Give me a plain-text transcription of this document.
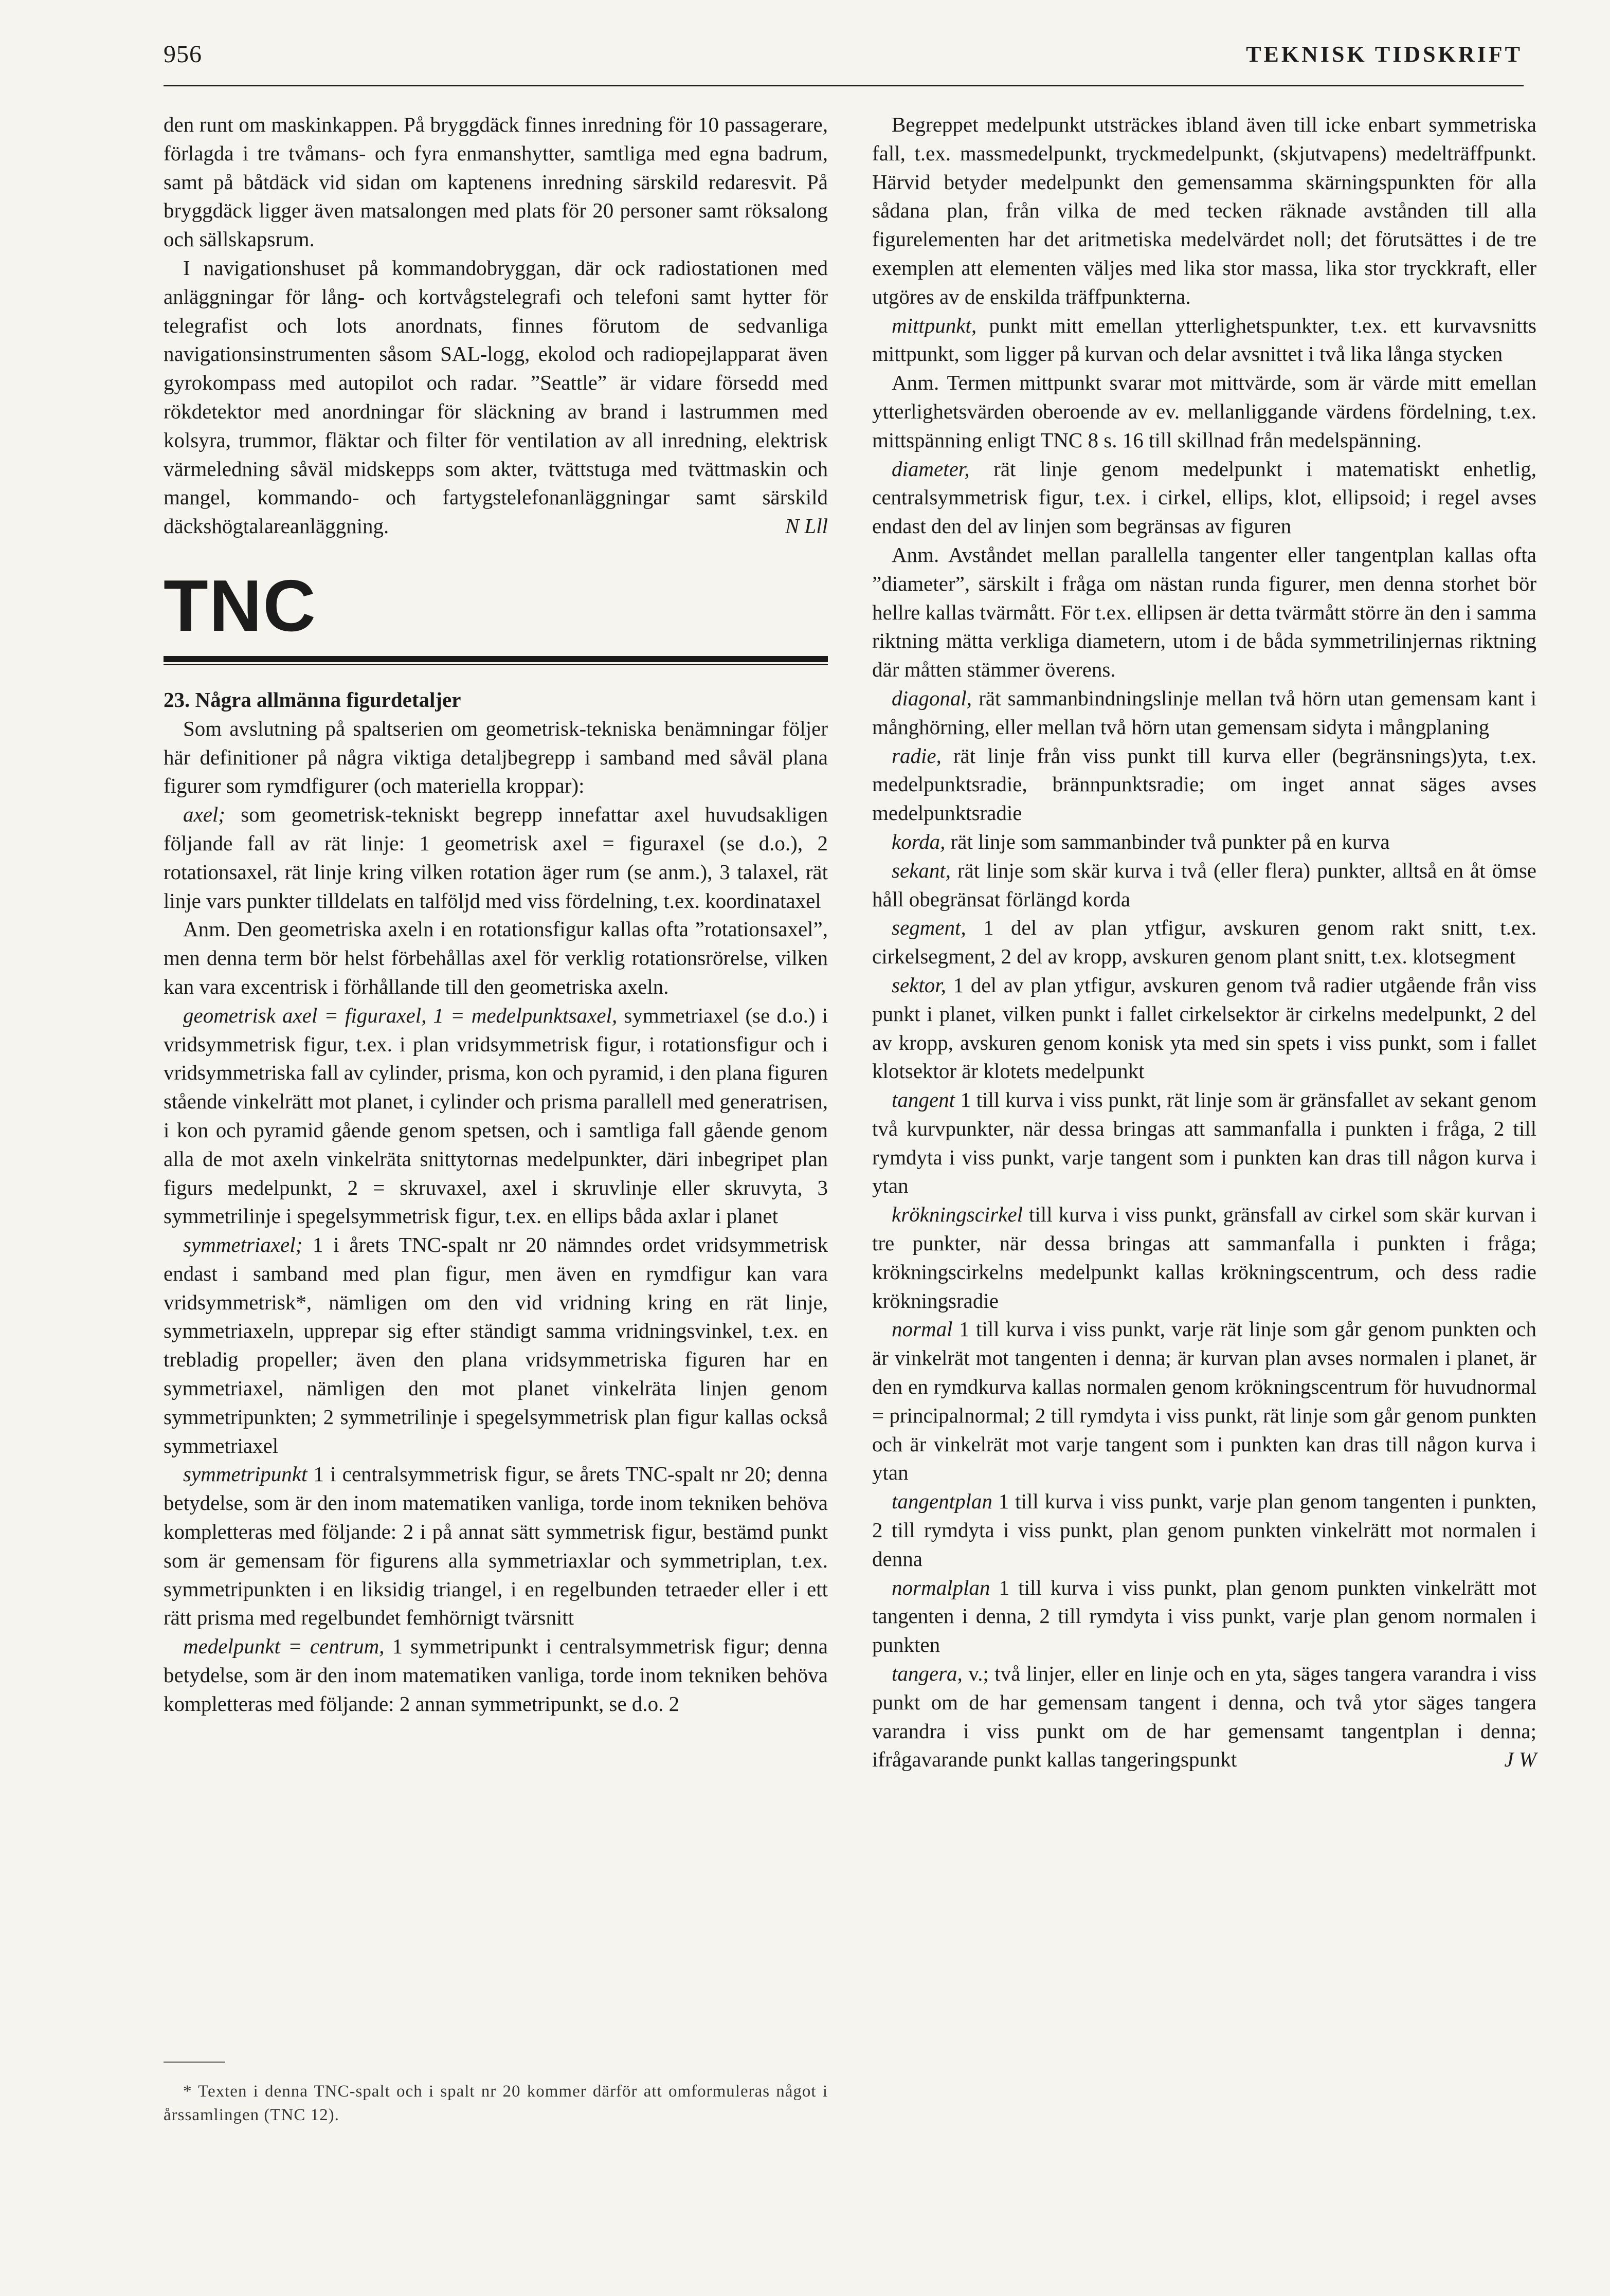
956	TEKNISK TIDSKRIFT

den runt om maskinkappen. På bryggdäck finnes inredning för 10 passagerare, förlagda i tre tvåmans- och fyra enmanshytter, samtliga med egna badrum, samt på båtdäck vid sidan om kaptenens inredning särskild redaresvit. På bryggdäck ligger även matsalongen med plats för 20 personer samt röksalong och sällskapsrum.

I navigationshuset på kommandobryggan, där ock radiostationen med anläggningar för lång- och kortvågstelegrafi och telefoni samt hytter för telegrafist och lots anordnats, finnes förutom de sedvanliga navigationsinstrumenten såsom SAL-logg, ekolod och radiopejlapparat även gyrokompass med autopilot och radar. ”Seattle” är vidare försedd med rökdetektor med anordningar för släckning av brand i lastrummen med kolsyra, trummor, fläktar och filter för ventilation av all inredning, elektrisk värmeledning såväl midskepps som akter, tvättstuga med tvättmaskin och mangel, kommando- och fartygstelefonanläggningar samt särskild däckshögtalareanläggning.	N Lll

TNC

23. Några allmänna figurdetaljer

Som avslutning på spaltserien om geometrisk-tekniska benämningar följer här definitioner på några viktiga detaljbegrepp i samband med såväl plana figurer som rymdfigurer (och materiella kroppar):

axel; som geometrisk-tekniskt begrepp innefattar axel huvudsakligen följande fall av rät linje: 1 geometrisk axel = figuraxel (se d.o.), 2 rotationsaxel, rät linje kring vilken rotation äger rum (se anm.), 3 talaxel, rät linje vars punkter tilldelats en talföljd med viss fördelning, t.ex. koordinataxel

Anm. Den geometriska axeln i en rotationsfigur kallas ofta ”rotationsaxel”, men denna term bör helst förbehållas axel för verklig rotationsrörelse, vilken kan vara excentrisk i förhållande till den geometriska axeln.

geometrisk axel = figuraxel, 1 = medelpunktsaxel, symmetriaxel (se d.o.) i vridsymmetrisk figur, t.ex. i plan vridsymmetrisk figur, i rotationsfigur och i vridsymmetriska fall av cylinder, prisma, kon och pyramid, i den plana figuren stående vinkelrätt mot planet, i cylinder och prisma parallell med generatrisen, i kon och pyramid gående genom spetsen, och i samtliga fall gående genom alla de mot axeln vinkelräta snittytornas medelpunkter, däri inbegripet plan figurs medelpunkt, 2 = skruvaxel, axel i skruvlinje eller skruvyta, 3 symmetrilinje i spegelsymmetrisk figur, t.ex. en ellips båda axlar i planet

symmetriaxel; 1 i årets TNC-spalt nr 20 nämndes ordet vridsymmetrisk endast i samband med plan figur, men även en rymdfigur kan vara vridsymmetrisk*, nämligen om den vid vridning kring en rät linje, symmetriaxeln, upprepar sig efter ständigt samma vridningsvinkel, t.ex. en trebladig propeller; även den plana vridsymmetriska figuren har en symmetriaxel, nämligen den mot planet vinkelräta linjen genom symmetripunkten; 2 symmetrilinje i spegelsymmetrisk plan figur kallas också symmetriaxel

symmetripunkt 1 i centralsymmetrisk figur, se årets TNC-spalt nr 20; denna betydelse, som är den inom matematiken vanliga, torde inom tekniken behöva kompletteras med följande: 2 i på annat sätt symmetrisk figur, bestämd punkt som är gemensam för figurens alla symmetriaxlar och symmetriplan, t.ex. symmetripunkten i en liksidig triangel, i en regelbunden tetraeder eller i ett rätt prisma med regelbundet femhörnigt tvärsnitt

medelpunkt = centrum, 1 symmetripunkt i centralsymmetrisk figur; denna betydelse, som är den inom matematiken vanliga, torde inom tekniken behöva kompletteras med följande: 2 annan symmetripunkt, se d.o. 2

* Texten i denna TNC-spalt och i spalt nr 20 kommer därför att omformuleras något i årssamlingen (TNC 12).

Begreppet medelpunkt utsträckes ibland även till icke enbart symmetriska fall, t.ex. massmedelpunkt, tryckmedelpunkt, (skjutvapens) medelträffpunkt. Härvid betyder medelpunkt den gemensamma skärningspunkten för alla sådana plan, från vilka de med tecken räknade avstånden till alla figurelementen har det aritmetiska medelvärdet noll; det förutsättes i de tre exemplen att elementen väljes med lika stor massa, lika stor tryckkraft, eller utgöres av de enskilda träffpunkterna.

mittpunkt, punkt mitt emellan ytterlighetspunkter, t.ex. ett kurvavsnitts mittpunkt, som ligger på kurvan och delar avsnittet i två lika långa stycken

Anm. Termen mittpunkt svarar mot mittvärde, som är värde mitt emellan ytterlighetsvärden oberoende av ev. mellanliggande värdens fördelning, t.ex. mittspänning enligt TNC 8 s. 16 till skillnad från medelspänning.

diameter, rät linje genom medelpunkt i matematiskt enhetlig, centralsymmetrisk figur, t.ex. i cirkel, ellips, klot, ellipsoid; i regel avses endast den del av linjen som begränsas av figuren

Anm. Avståndet mellan parallella tangenter eller tangentplan kallas ofta ”diameter”, särskilt i fråga om nästan runda figurer, men denna storhet bör hellre kallas tvärmått. För t.ex. ellipsen är detta tvärmått större än den i samma riktning mätta verkliga diametern, utom i de båda symmetrilinjernas riktning där måtten stämmer överens.

diagonal, rät sammanbindningslinje mellan två hörn utan gemensam kant i månghörning, eller mellan två hörn utan gemensam sidyta i mångplaning

radie, rät linje från viss punkt till kurva eller (begränsnings)yta, t.ex. medelpunktsradie, brännpunktsradie; om inget annat säges avses medelpunktsradie

korda, rät linje som sammanbinder två punkter på en kurva

sekant, rät linje som skär kurva i två (eller flera) punkter, alltså en åt ömse håll obegränsat förlängd korda

segment, 1 del av plan ytfigur, avskuren genom rakt snitt, t.ex. cirkelsegment, 2 del av kropp, avskuren genom plant snitt, t.ex. klotsegment

sektor, 1 del av plan ytfigur, avskuren genom två radier utgående från viss punkt i planet, vilken punkt i fallet cirkelsektor är cirkelns medelpunkt, 2 del av kropp, avskuren genom konisk yta med sin spets i viss punkt, som i fallet klotsektor är klotets medelpunkt

tangent 1 till kurva i viss punkt, rät linje som är gränsfallet av sekant genom två kurvpunkter, när dessa bringas att sammanfalla i punkten i fråga, 2 till rymdyta i viss punkt, varje tangent som i punkten kan dras till någon kurva i ytan

krökningscirkel till kurva i viss punkt, gränsfall av cirkel som skär kurvan i tre punkter, när dessa bringas att sammanfalla i punkten i fråga; krökningscirkelns medelpunkt kallas krökningscentrum, och dess radie krökningsradie

normal 1 till kurva i viss punkt, varje rät linje som går genom punkten och är vinkelrät mot tangenten i denna; är kurvan plan avses normalen i planet, är den en rymdkurva kallas normalen genom krökningscentrum för huvudnormal = principalnormal; 2 till rymdyta i viss punkt, rät linje som går genom punkten och är vinkelrät mot varje tangent som i punkten kan dras till någon kurva i ytan

tangentplan 1 till kurva i viss punkt, varje plan genom tangenten i punkten, 2 till rymdyta i viss punkt, plan genom punkten vinkelrätt mot normalen i denna

normalplan 1 till kurva i viss punkt, plan genom punkten vinkelrätt mot tangenten i denna, 2 till rymdyta i viss punkt, varje plan genom normalen i punkten

tangera, v.; två linjer, eller en linje och en yta, säges tangera varandra i viss punkt om de har gemensam tangent i denna, och två ytor säges tangera varandra i viss punkt om de har gemensamt tangentplan i denna; ifrågavarande punkt kallas tangeringspunkt	J W
